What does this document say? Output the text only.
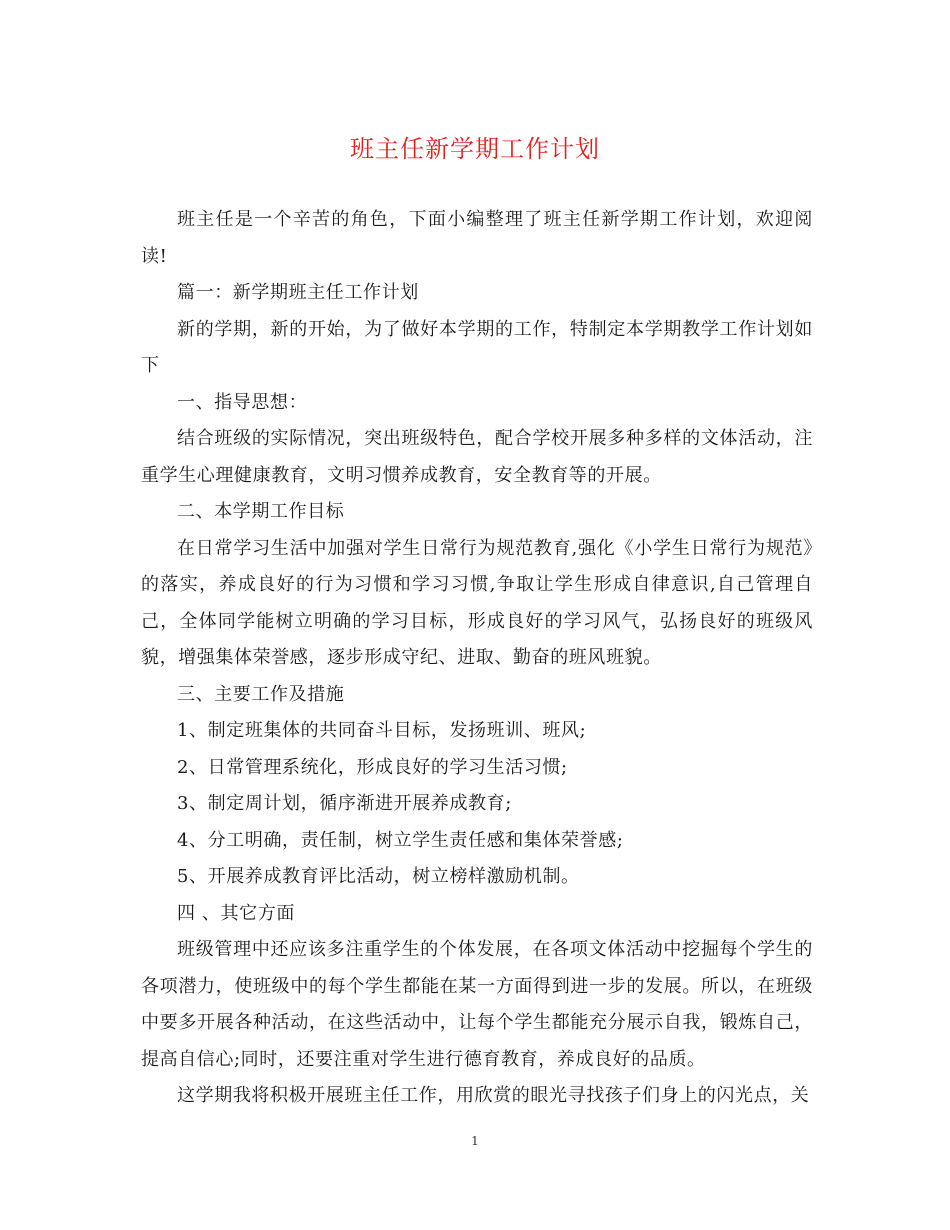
班主任新学期工作计划

班主任是一个辛苦的角色，下面小编整理了班主任新学期工作计划，欢迎阅读!

篇一：新学期班主任工作计划

新的学期，新的开始，为了做好本学期的工作，特制定本学期教学工作计划如下

一、指导思想：

结合班级的实际情况，突出班级特色，配合学校开展多种多样的文体活动，注重学生心理健康教育，文明习惯养成教育，安全教育等的开展。

二、本学期工作目标

在日常学习生活中加强对学生日常行为规范教育,强化《小学生日常行为规范》的落实，养成良好的行为习惯和学习习惯,争取让学生形成自律意识,自己管理自己，全体同学能树立明确的学习目标，形成良好的学习风气，弘扬良好的班级风貌，增强集体荣誉感，逐步形成守纪、进取、勤奋的班风班貌。

三、主要工作及措施

1、制定班集体的共同奋斗目标，发扬班训、班风;

2、日常管理系统化，形成良好的学习生活习惯;

3、制定周计划，循序渐进开展养成教育;

4、分工明确，责任制，树立学生责任感和集体荣誉感;

5、开展养成教育评比活动，树立榜样激励机制。

四 、其它方面

班级管理中还应该多注重学生的个体发展，在各项文体活动中挖掘每个学生的各项潜力，使班级中的每个学生都能在某一方面得到进一步的发展。所以，在班级中要多开展各种活动，在这些活动中，让每个学生都能充分展示自我，锻炼自己，提高自信心;同时，还要注重对学生进行德育教育，养成良好的品质。

这学期我将积极开展班主任工作，用欣赏的眼光寻找孩子们身上的闪光点，关

1
